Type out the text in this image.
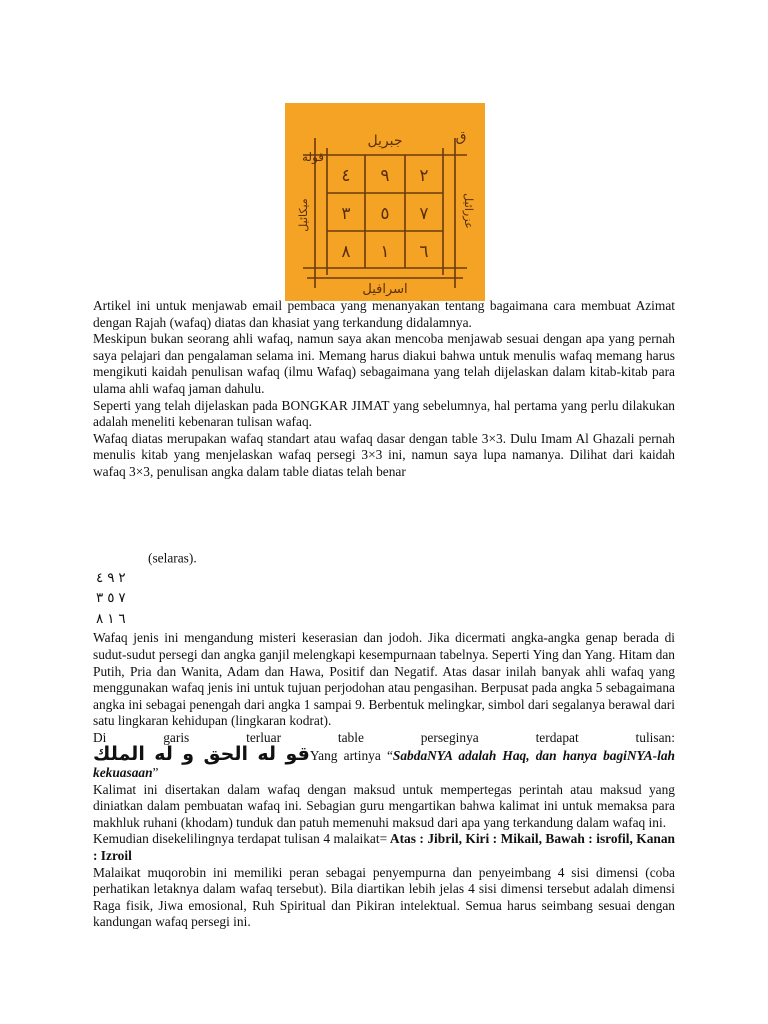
جبريل
قوله
ق
اسرافيل
ميكائيل	عزرائيل
٤ ٩ ٢
٣ ٥ ٧
٨ ١ ٦

Artikel ini untuk menjawab email pembaca yang menanyakan tentang bagaimana cara membuat Azimat dengan Rajah (wafaq) diatas dan khasiat yang terkandung didalamnya.

Meskipun bukan seorang ahli wafaq, namun saya akan mencoba menjawab sesuai dengan apa yang pernah saya pelajari dan pengalaman selama ini. Memang harus diakui bahwa untuk menulis wafaq memang harus mengikuti kaidah penulisan wafaq (ilmu Wafaq) sebagaimana yang telah dijelaskan dalam kitab-kitab para ulama ahli wafaq jaman dahulu.

Seperti yang telah dijelaskan pada BONGKAR JIMAT yang sebelumnya, hal pertama yang perlu dilakukan adalah meneliti kebenaran tulisan wafaq.

Wafaq diatas merupakan wafaq standart atau wafaq dasar dengan table 3×3. Dulu Imam Al Ghazali pernah menulis kitab yang menjelaskan wafaq persegi 3×3 ini, namun saya lupa namanya. Dilihat dari kaidah wafaq 3×3, penulisan angka dalam table diatas telah benar

(selaras).

٤	٩	٢
٣	٥	٧
٨	١	٦
Wafaq jenis ini mengandung misteri keserasian dan jodoh. Jika dicermati angka-angka genap berada di sudut-sudut persegi dan angka ganjil melengkapi kesempurnaan tabelnya. Seperti Ying dan Yang. Hitam dan Putih, Pria dan Wanita, Adam dan Hawa, Positif dan Negatif. Atas dasar inilah banyak ahli wafaq yang menggunakan wafaq jenis ini untuk tujuan perjodohan atau pengasihan. Berpusat pada angka 5 sebagaimana angka ini sebagai penengah dari angka 1 sampai 9. Berbentuk melingkar, simbol dari segalanya berawal dari satu lingkaran kehidupan (lingkaran kodrat).

Di	garis	terluar	table	perseginya	terdapat	tulisan:

قو له الحق و له الملكYang artinya “SabdaNYA adalah Haq, dan hanya bagiNYA-lah kekuasaan”

Kalimat ini disertakan dalam wafaq dengan maksud untuk mempertegas perintah atau maksud yang diniatkan dalam pembuatan wafaq ini. Sebagian guru mengartikan bahwa kalimat ini untuk memaksa para makhluk ruhani (khodam) tunduk dan patuh memenuhi maksud dari apa yang terkandung dalam wafaq ini.

Kemudian disekelilingnya terdapat tulisan 4 malaikat= Atas : Jibril, Kiri : Mikail, Bawah : isrofil, Kanan : Izroil

Malaikat muqorobin ini memiliki peran sebagai penyempurna dan penyeimbang 4 sisi dimensi (coba perhatikan letaknya dalam wafaq tersebut). Bila diartikan lebih jelas 4 sisi dimensi tersebut adalah dimensi Raga fisik, Jiwa emosional, Ruh Spiritual dan Pikiran intelektual. Semua harus seimbang sesuai dengan kandungan wafaq persegi ini.
